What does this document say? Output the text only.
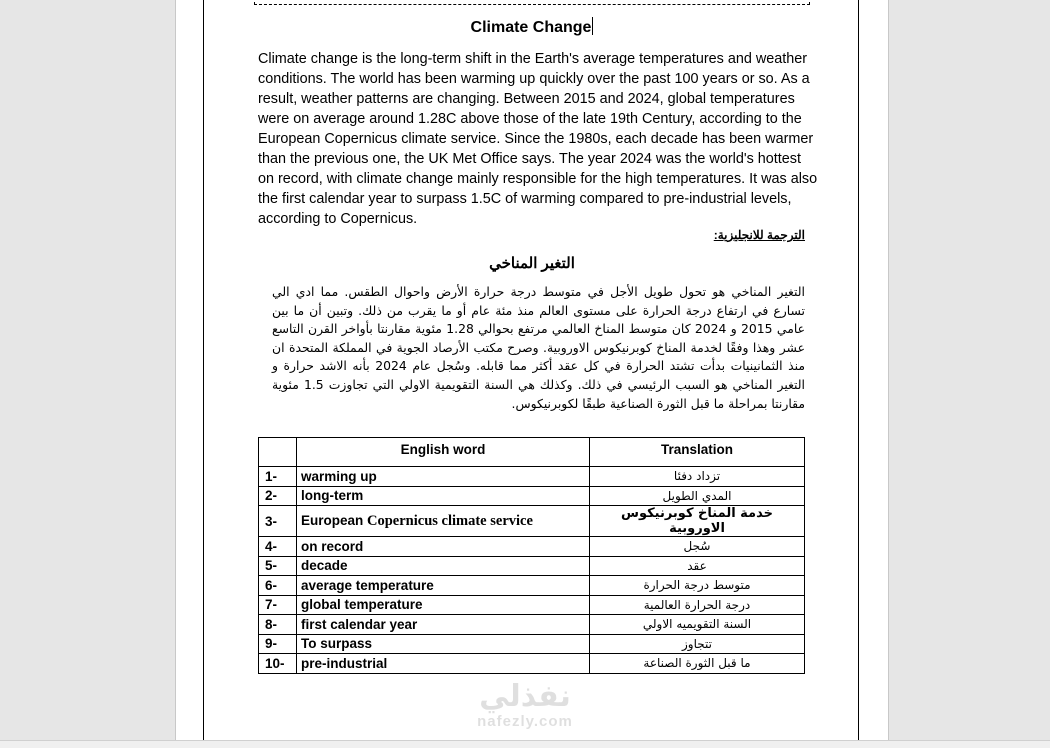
Climate Change

Climate change is the long-term shift in the Earth's average temperatures and weather conditions. The world has been warming up quickly over the past 100 years or so. As a result, weather patterns are changing. Between 2015 and 2024, global temperatures were on average around 1.28C above those of the late 19th Century, according to the European Copernicus climate service. Since the 1980s, each decade has been warmer than the previous one, the UK Met Office says. The year 2024 was the world's hottest on record, with climate change mainly responsible for the high temperatures. It was also the first calendar year to surpass 1.5C of warming compared to pre-industrial levels, according to Copernicus.

الترجمة للانجليزية:
التغير المناخي

التغير المناخي هو تحول طويل الأجل في متوسط درجة حرارة الأرض واحوال الطقس. مما ادي الي تسارع في ارتفاع درجة الحرارة على مستوى العالم منذ مئة عام أو ما يقرب من ذلك. وتبين أن ما بين عامي 2015 و 2024 كان متوسط المناخ العالمي مرتفع بحوالي 1.28 مئوية مقارنتا بأواخر القرن التاسع عشر وهذا وفقًا لخدمة المناخ كوبرنيكوس الاوروبية. وصرح مكتب الأرصاد الجوية في المملكة المتحدة ان منذ الثمانينيات بدأت تشتد الحرارة في كل عقد أكثر مما قابله. وسُجل عام 2024 بأنه الاشد حرارة و التغير المناخي هو السبب الرئيسي في ذلك. وكذلك هي السنة التقويمية الاولي التي تجاوزت 1.5 مئوية مقارنتا بمراحلة ما قبل الثورة الصناعية طبقًا لكوبرنيكوس.

	English word	Translation
1-	warming up	تزداد دفئا
2-	long-term	المدي الطويل
3-	European Copernicus climate service	خدمة المناخ كوبرنيكوس الاوروبية
4-	on record	سُجل
5-	decade	عقد
6-	average temperature	متوسط درجة الحرارة
7-	global temperature	درجة الحرارة العالمية
8-	first calendar year	السنة التقويميه الاولي
9-	To surpass	تتجاوز
10-	pre-industrial	ما قبل الثورة الصناعة
